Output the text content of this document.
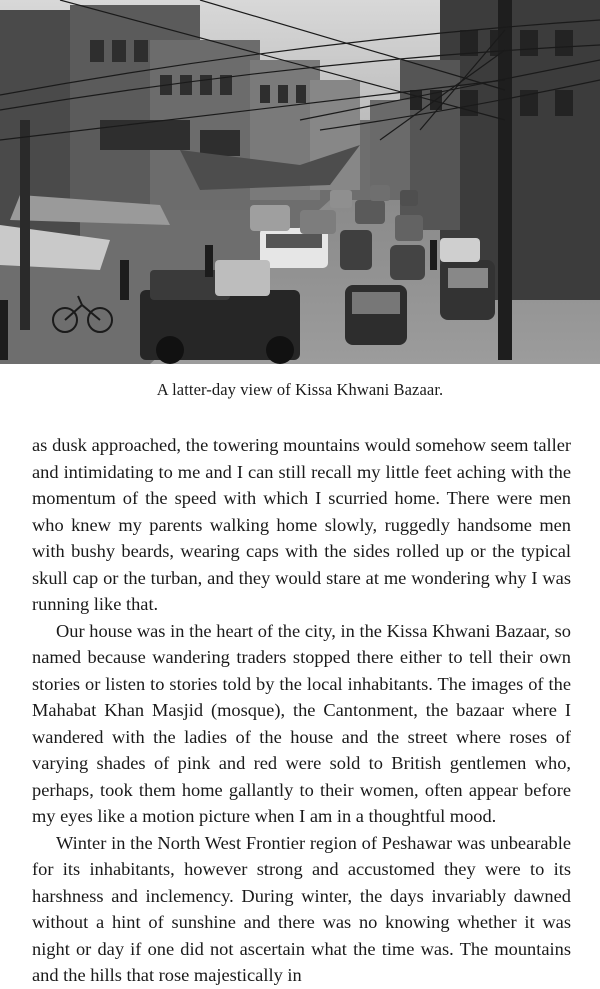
A latter-day view of Kissa Khwani Bazaar.

as dusk approached, the towering mountains would somehow seem taller and intimidating to me and I can still recall my little feet aching with the momentum of the speed with which I scurried home. There were men who knew my parents walking home slowly, ruggedly handsome men with bushy beards, wearing caps with the sides rolled up or the typical skull cap or the turban, and they would stare at me wondering why I was running like that.

Our house was in the heart of the city, in the Kissa Khwani Bazaar, so named because wandering traders stopped there either to tell their own stories or listen to stories told by the local inhabitants. The images of the Mahabat Khan Masjid (mosque), the Cantonment, the bazaar where I wandered with the ladies of the house and the street where roses of varying shades of pink and red were sold to British gentlemen who, perhaps, took them home gallantly to their women, often appear before my eyes like a motion picture when I am in a thoughtful mood.

Winter in the North West Frontier region of Peshawar was unbearable for its inhabitants, however strong and accustomed they were to its harshness and inclemency. During winter, the days invariably dawned without a hint of sunshine and there was no knowing whether it was night or day if one did not ascertain what the time was. The mountains and the hills that rose majestically in
